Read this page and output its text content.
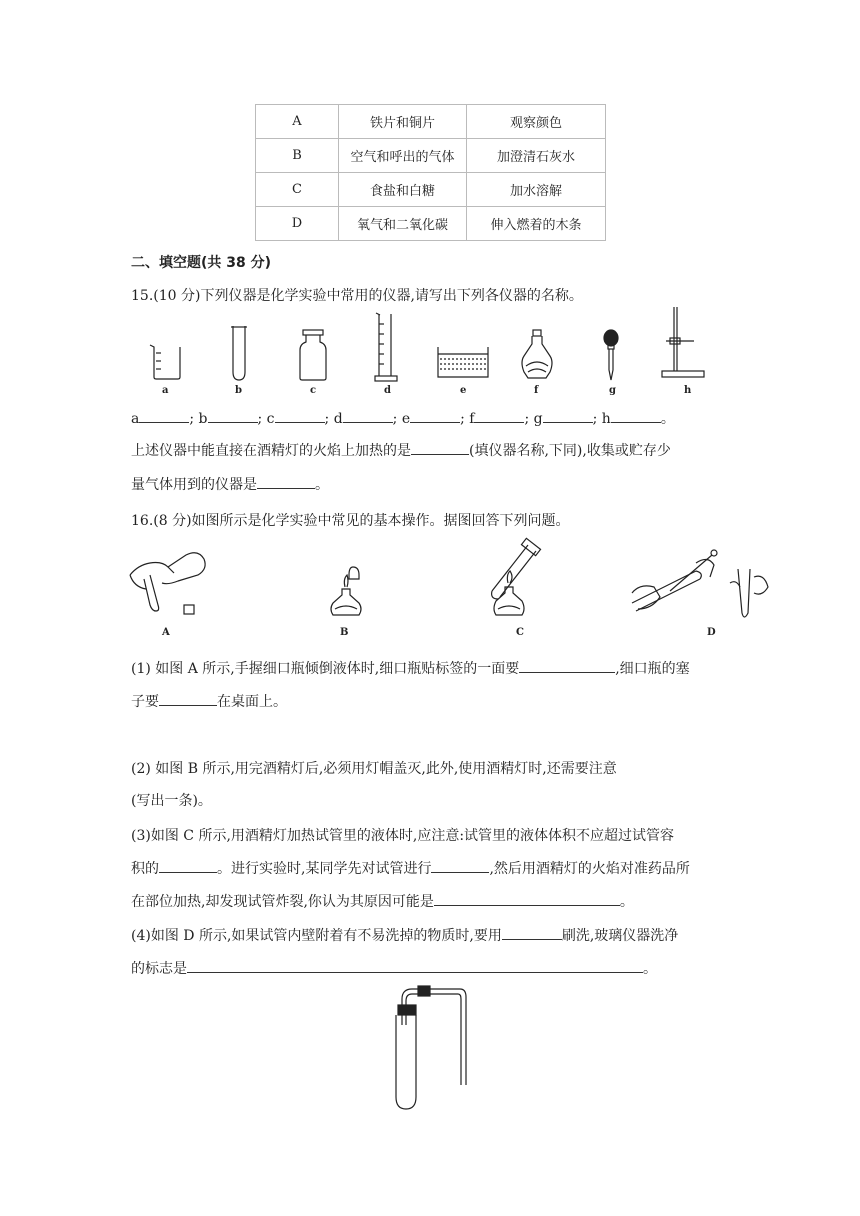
A	铁片和铜片	观察颜色
B	空气和呼出的气体	加澄清石灰水
C	食盐和白糖	加水溶解
D	氧气和二氧化碳	伸入燃着的木条
二、填空题(共 38 分)
15.(10 分)下列仪器是化学实验中常用的仪器,请写出下列各仪器的名称。
a	b	c	d	e	f	g	h
a	; b	; c	; d	; e	; f	; g	; h	。
上述仪器中能直接在酒精灯的火焰上加热的是	(填仪器名称,下同),收集或贮存少
量气体用到的仪器是	。
16.(8 分)如图所示是化学实验中常见的基本操作。据图回答下列问题。
A	B	C	D
(1) 如图 A 所示,手握细口瓶倾倒液体时,细口瓶贴标签的一面要	,细口瓶的塞
子要	在桌面上。
(2) 如图 B 所示,用完酒精灯后,必须用灯帽盖灭,此外,使用酒精灯时,还需要注意
(写出一条)。
(3)如图 C 所示,用酒精灯加热试管里的液体时,应注意:试管里的液体体积不应超过试管容
积的	。进行实验时,某同学先对试管进行	,然后用酒精灯的火焰对准药品所
在部位加热,却发现试管炸裂,你认为其原因可能是	。
(4)如图 D 所示,如果试管内壁附着有不易洗掉的物质时,要用	刷洗,玻璃仪器洗净
的标志是	。
